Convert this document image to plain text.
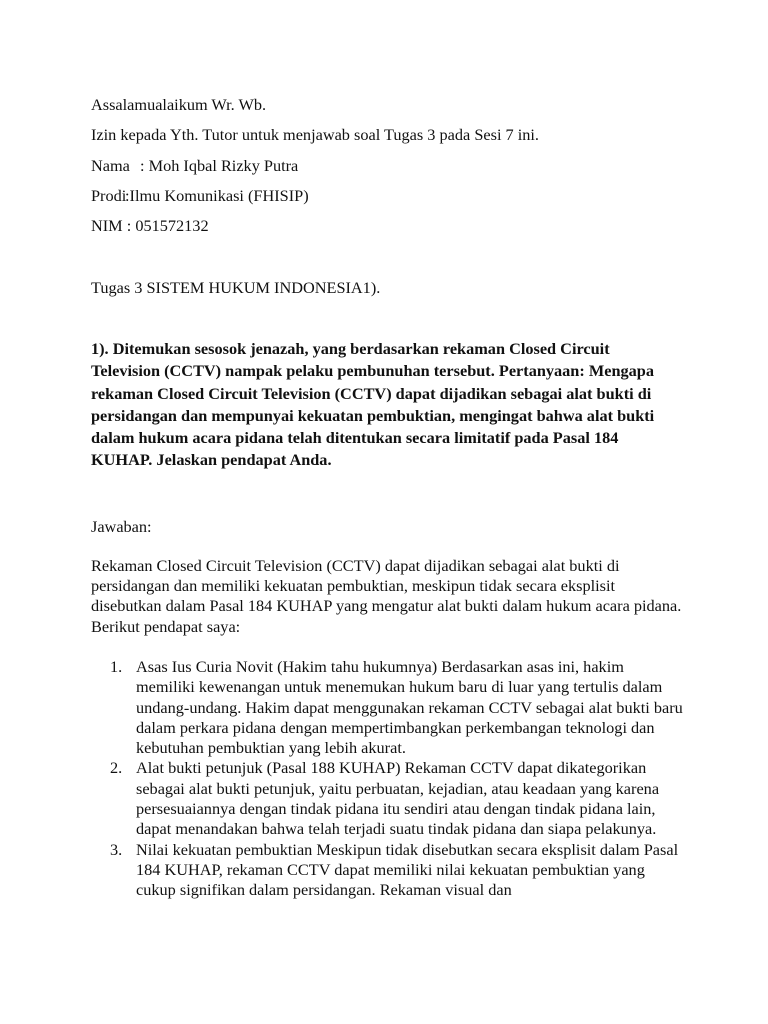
Assalamualaikum Wr. Wb.
Izin kepada Yth. Tutor untuk menjawab soal Tugas 3 pada Sesi 7 ini.
Nama : Moh Iqbal Rizky Putra
Prodi:Ilmu Komunikasi (FHISIP)
NIM : 051572132
Tugas 3 SISTEM HUKUM INDONESIA1).
1). Ditemukan sesosok jenazah, yang berdasarkan rekaman Closed Circuit Television (CCTV) nampak pelaku pembunuhan tersebut. Pertanyaan: Mengapa rekaman Closed Circuit Television (CCTV) dapat dijadikan sebagai alat bukti di persidangan dan mempunyai kekuatan pembuktian, mengingat bahwa alat bukti dalam hukum acara pidana telah ditentukan secara limitatif pada Pasal 184 KUHAP. Jelaskan pendapat Anda.
Jawaban:
Rekaman Closed Circuit Television (CCTV) dapat dijadikan sebagai alat bukti di persidangan dan memiliki kekuatan pembuktian, meskipun tidak secara eksplisit disebutkan dalam Pasal 184 KUHAP yang mengatur alat bukti dalam hukum acara pidana. Berikut pendapat saya:
1. Asas Ius Curia Novit (Hakim tahu hukumnya) Berdasarkan asas ini, hakim memiliki kewenangan untuk menemukan hukum baru di luar yang tertulis dalam undang-undang. Hakim dapat menggunakan rekaman CCTV sebagai alat bukti baru dalam perkara pidana dengan mempertimbangkan perkembangan teknologi dan kebutuhan pembuktian yang lebih akurat.
2. Alat bukti petunjuk (Pasal 188 KUHAP) Rekaman CCTV dapat dikategorikan sebagai alat bukti petunjuk, yaitu perbuatan, kejadian, atau keadaan yang karena persesuaiannya dengan tindak pidana itu sendiri atau dengan tindak pidana lain, dapat menandakan bahwa telah terjadi suatu tindak pidana dan siapa pelakunya.
3. Nilai kekuatan pembuktian Meskipun tidak disebutkan secara eksplisit dalam Pasal 184 KUHAP, rekaman CCTV dapat memiliki nilai kekuatan pembuktian yang cukup signifikan dalam persidangan. Rekaman visual dan
